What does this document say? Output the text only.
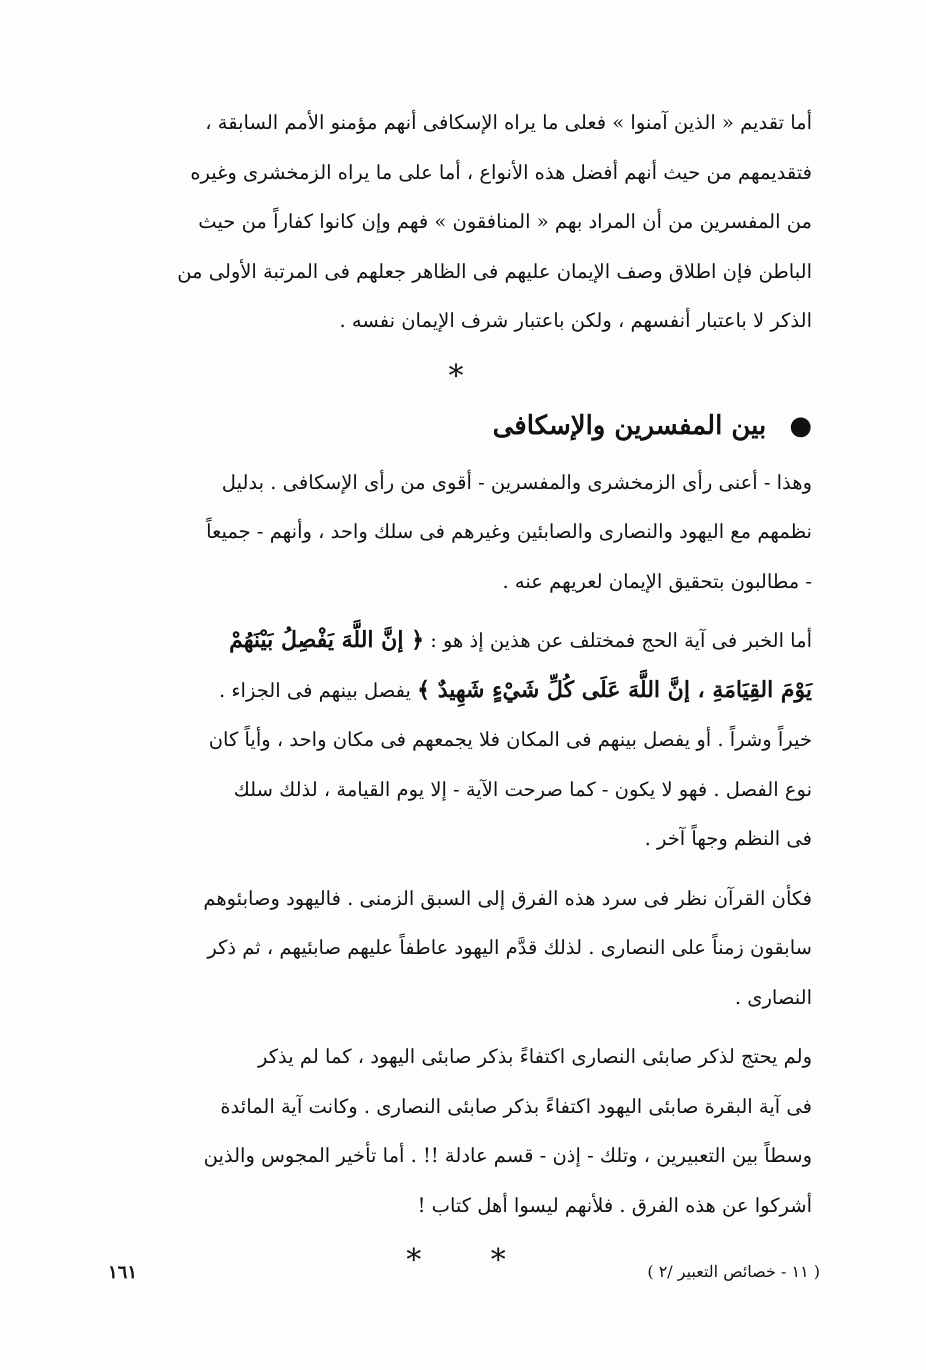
أما تقديم « الذين آمنوا » فعلى ما يراه الإسكافى أنهم مؤمنو الأمم السابقة ،
فتقديمهم من حيث أنهم أفضل هذه الأنواع ، أما على ما يراه الزمخشرى وغيره
من المفسرين من أن المراد بهم « المنافقون » فهم وإن كانوا كفاراً من حيث
الباطن فإن اطلاق وصف الإيمان عليهم فى الظاهر جعلهم فى المرتبة الأولى من
الذكر لا باعتبار أنفسهم ، ولكن باعتبار شرف الإيمان نفسه .

*
● بين المفسرين والإسكافى

وهذا - أعنى رأى الزمخشرى والمفسرين - أقوى من رأى الإسكافى . بدليل
نظمهم مع اليهود والنصارى والصابئين وغيرهم فى سلك واحد ، وأنهم - جميعاً
- مطالبون بتحقيق الإيمان لعريهم عنه .

أما الخبر فى آية الحج فمختلف عن هذين إذ هو : ﴿ إنَّ اللَّهَ يَفْصِلُ بَيْنَهُمْ
يَوْمَ القِيَامَةِ ، إنَّ اللَّهَ عَلَى كُلِّ شَيْءٍ شَهِيدٌ ﴾ يفصل بينهم فى الجزاء .
خيراً وشراً . أو يفصل بينهم فى المكان فلا يجمعهم فى مكان واحد ، وأياً كان
نوع الفصل . فهو لا يكون - كما صرحت الآية - إلا يوم القيامة ، لذلك سلك
فى النظم وجهاً آخر .

فكأن القرآن نظر فى سرد هذه الفرق إلى السبق الزمنى . فاليهود وصابئوهم
سابقون زمناً على النصارى . لذلك قدَّم اليهود عاطفاً عليهم صابئيهم ، ثم ذكر
النصارى .

ولم يحتج لذكر صابئى النصارى اكتفاءً بذكر صابئى اليهود ، كما لم يذكر
فى آية البقرة صابئى اليهود اكتفاءً بذكر صابئى النصارى . وكانت آية المائدة
وسطاً بين التعبيرين ، وتلك - إذن - قسم عادلة !! . أما تأخير المجوس والذين
أشركوا عن هذه الفرق . فلأنهم ليسوا أهل كتاب !

* *	( ١١ - خصائص التعبير /٢ )
١٦١
